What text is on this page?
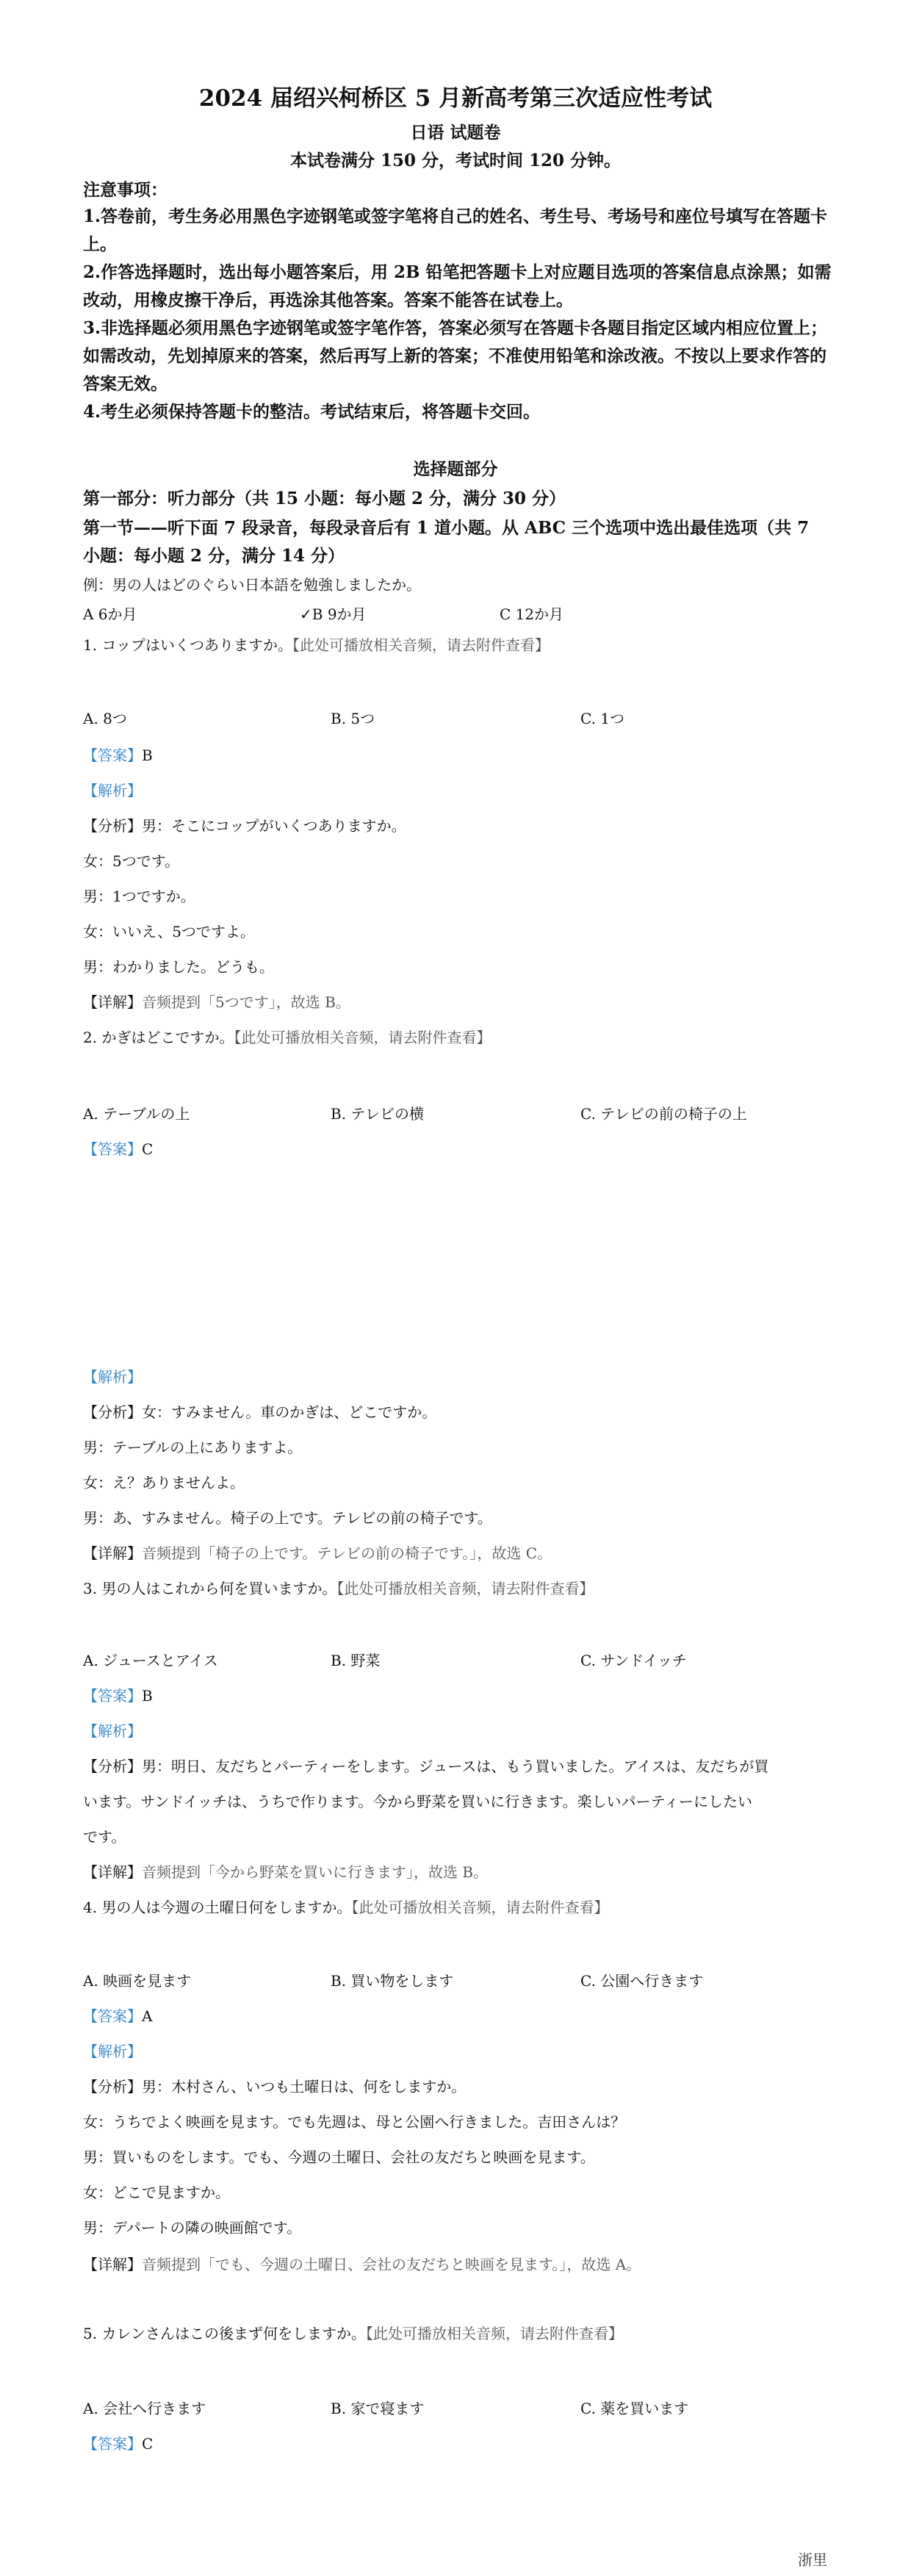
2024 届绍兴柯桥区 5 月新高考第三次适应性考试
日语 试题卷
本试卷满分 150 分，考试时间 120 分钟。
注意事项：
1.答卷前，考生务必用黑色字迹钢笔或签字笔将自己的姓名、考生号、考场号和座位号填写在答题卡上。
2.作答选择题时，选出每小题答案后，用 2B 铅笔把答题卡上对应题目选项的答案信息点涂黑；如需改动，用橡皮擦干净后，再选涂其他答案。答案不能答在试卷上。
3.非选择题必须用黑色字迹钢笔或签字笔作答，答案必须写在答题卡各题目指定区域内相应位置上；如需改动，先划掉原来的答案，然后再写上新的答案；不准使用铅笔和涂改液。不按以上要求作答的答案无效。
4.考生必须保持答题卡的整洁。考试结束后，将答题卡交回。
选择题部分
第一部分：听力部分（共 15 小题：每小题 2 分，满分 30 分）
第一节——听下面 7 段录音，每段录音后有 1 道小题。从 ABC 三个选项中选出最佳选项（共 7
小题：每小题 2 分，满分 14 分）
例：男の人はどのぐらい日本語を勉強しましたか。
A 6か月	✓B 9か月	C 12か月
1. コップはいくつありますか。【此处可播放相关音频，请去附件查看】
A. 8つ	B. 5つ	C. 1つ
【答案】B
【解析】
【分析】男：そこにコップがいくつありますか。
女：5つです。
男：1つですか。
女：いいえ、5つですよ。
男：わかりました。どうも。
【详解】音频提到「5つです」，故选 B。
2. かぎはどこですか。【此处可播放相关音频，请去附件查看】
A. テーブルの上	B. テレビの横	C. テレビの前の椅子の上
【答案】C
【解析】
【分析】女：すみません。車のかぎは、どこですか。
男：テーブルの上にありますよ。
女：え？ありませんよ。
男：あ、すみません。椅子の上です。テレビの前の椅子です。
【详解】音频提到「椅子の上です。テレビの前の椅子です。」，故选 C。
3. 男の人はこれから何を買いますか。【此处可播放相关音频，请去附件查看】
A. ジュースとアイス	B. 野菜	C. サンドイッチ
【答案】B
【解析】
【分析】男：明日、友だちとパーティーをします。ジュースは、もう買いました。アイスは、友だちが買
います。サンドイッチは、うちで作ります。今から野菜を買いに行きます。楽しいパーティーにしたい
です。
【详解】音频提到「今から野菜を買いに行きます」，故选 B。
4. 男の人は今週の土曜日何をしますか。【此处可播放相关音频，请去附件查看】
A. 映画を見ます	B. 買い物をします	C. 公園へ行きます
【答案】A
【解析】
【分析】男：木村さん、いつも土曜日は、何をしますか。
女：うちでよく映画を見ます。でも先週は、母と公園へ行きました。吉田さんは？
男：買いものをします。でも、今週の土曜日、会社の友だちと映画を見ます。
女：どこで見ますか。
男：デパートの隣の映画館です。
【详解】音频提到「でも、今週の土曜日、会社の友だちと映画を見ます。」，故选 A。
5. カレンさんはこの後まず何をしますか。【此处可播放相关音频，请去附件查看】
A. 会社へ行きます	B. 家で寝ます	C. 薬を買います
【答案】C
浙里
